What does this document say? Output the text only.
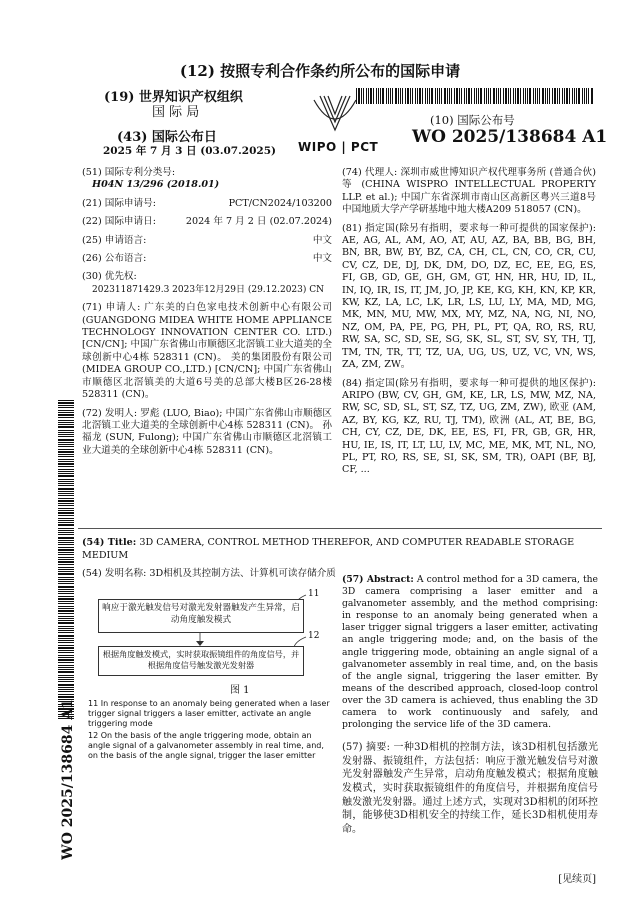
(12) 按照专利合作条约所公布的国际申请
(19) 世界知识产权组织
国 际 局
(43) 国际公布日
2025 年 7 月 3 日 (03.07.2025) WIPO | PCT
(10) 国际公布号
WO 2025/138684 A1
WO 2025/138684 A1
(51) 国际专利分类号:
H04N 13/296 (2018.01)
(21) 国际申请号:	PCT/CN2024/103200
(22) 国际申请日:	2024 年 7 月 2 日 (02.07.2024)
(25) 申请语言:	中文
(26) 公布语言:	中文
(30) 优先权:
202311871429.3 2023年12月29日 (29.12.2023) CN
(71) 申请人: 广东美的白色家电技术创新中心有限公司 (GUANGDONG MIDEA WHITE HOME APPLIANCE TECHNOLOGY INNOVATION CENTER CO. LTD.) [CN/CN]; 中国广东省佛山市顺德区北滘镇工业大道美的全球创新中心4栋 528311 (CN)。 美的集团股份有限公司 (MIDEA GROUP CO.,LTD.) [CN/CN]; 中国广东省佛山市顺德区北滘镇美的大道6号美的总部大楼B区26-28楼 528311 (CN)。
(72) 发明人: 罗彪 (LUO, Biao); 中国广东省佛山市顺德区北滘镇工业大道美的全球创新中心4栋 528311 (CN)。 孙福龙 (SUN, Fulong); 中国广东省佛山市顺德区北滘镇工业大道美的全球创新中心4栋 528311 (CN)。
(74) 代理人: 深圳市威世博知识产权代理事务所 (普通合伙) 等 (CHINA WISPRO INTELLECTUAL PROPERTY LLP. et al.); 中国广东省深圳市南山区高新区粤兴三道8号中国地质大学产学研基地中地大楼A209 518057 (CN)。
(81) 指定国(除另有指明，要求每一种可提供的国家保护): AE, AG, AL, AM, AO, AT, AU, AZ, BA, BB, BG, BH, BN, BR, BW, BY, BZ, CA, CH, CL, CN, CO, CR, CU, CV, CZ, DE, DJ, DK, DM, DO, DZ, EC, EE, EG, ES, FI, GB, GD, GE, GH, GM, GT, HN, HR, HU, ID, IL, IN, IQ, IR, IS, IT, JM, JO, JP, KE, KG, KH, KN, KP, KR, KW, KZ, LA, LC, LK, LR, LS, LU, LY, MA, MD, MG, MK, MN, MU, MW, MX, MY, MZ, NA, NG, NI, NO, NZ, OM, PA, PE, PG, PH, PL, PT, QA, RO, RS, RU, RW, SA, SC, SD, SE, SG, SK, SL, ST, SV, SY, TH, TJ, TM, TN, TR, TT, TZ, UA, UG, US, UZ, VC, VN, WS, ZA, ZM, ZW。
(84) 指定国(除另有指明，要求每一种可提供的地区保护): ARIPO (BW, CV, GH, GM, KE, LR, LS, MW, MZ, NA, RW, SC, SD, SL, ST, SZ, TZ, UG, ZM, ZW), 欧亚 (AM, AZ, BY, KG, KZ, RU, TJ, TM), 欧洲 (AL, AT, BE, BG, CH, CY, CZ, DE, DK, EE, ES, FI, FR, GB, GR, HR, HU, IE, IS, IT, LT, LU, LV, MC, ME, MK, MT, NL, NO, PL, PT, RO, RS, SE, SI, SK, SM, TR), OAPI (BF, BJ, CF, ...
(54) Title: 3D CAMERA, CONTROL METHOD THEREFOR, AND COMPUTER READABLE STORAGE MEDIUM
(54) 发明名称: 3D相机及其控制方法、计算机可读存储介质
11
响应于激光触发信号对激光发射器触发产生异常，启动角度触发模式
12
根据角度触发模式，实时获取振镜组件的角度信号，并根据角度信号触发激光发射器
图 1
11 In response to an anomaly being generated when a laser trigger signal triggers a laser emitter, activate an angle triggering mode
12 On the basis of the angle triggering mode, obtain an angle signal of a galvanometer assembly in real time, and, on the basis of the angle signal, trigger the laser emitter
(57) Abstract: A control method for a 3D camera, the 3D camera comprising a laser emitter and a galvanometer assembly, and the method comprising: in response to an anomaly being generated when a laser trigger signal triggers a laser emitter, activating an angle triggering mode; and, on the basis of the angle triggering mode, obtaining an angle signal of a galvanometer assembly in real time, and, on the basis of the angle signal, triggering the laser emitter. By means of the described approach, closed-loop control over the 3D camera is achieved, thus enabling the 3D camera to work continuously and safely, and prolonging the service life of the 3D camera.
(57) 摘要: 一种3D相机的控制方法，该3D相机包括激光发射器、振镜组件，方法包括：响应于激光触发信号对激光发射器触发产生异常，启动角度触发模式；根据角度触发模式，实时获取振镜组件的角度信号，并根据角度信号触发激光发射器。通过上述方式，实现对3D相机的闭环控制，能够使3D相机安全的持续工作，延长3D相机使用寿命。
[见续页]
